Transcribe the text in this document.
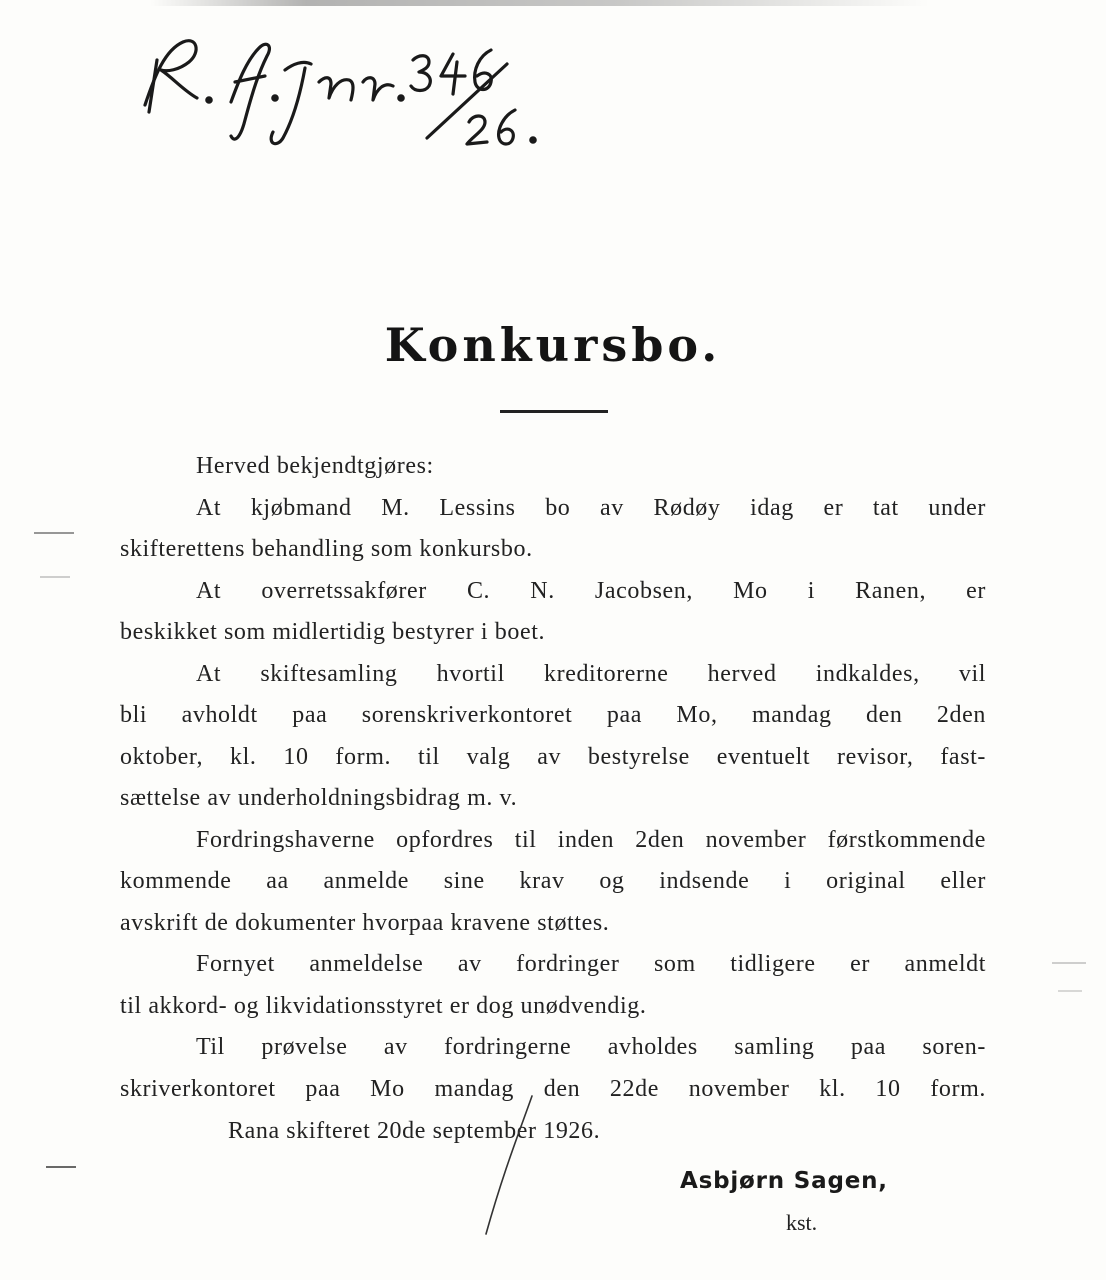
Konkursbo.
Herved bekjendtgjøres:
At kjøbmand M. Lessins bo av Rødøy idag er tat under
skifterettens behandling som konkursbo.
At overretssakfører C. N. Jacobsen, Mo i Ranen, er
beskikket som midlertidig bestyrer i boet.
At skiftesamling hvortil kreditorerne herved indkaldes, vil
bli avholdt paa sorenskriverkontoret paa Mo, mandag den 2den
oktober, kl. 10 form. til valg av bestyrelse eventuelt revisor, fast-
sættelse av underholdningsbidrag m. v.
Fordringshaverne opfordres til inden 2den november førstkommende
kommende aa anmelde sine krav og indsende i original eller
avskrift de dokumenter hvorpaa kravene støttes.
Fornyet anmeldelse av fordringer som tidligere er anmeldt
til akkord- og likvidationsstyret er dog unødvendig.
Til prøvelse av fordringerne avholdes samling paa soren-
skriverkontoret paa Mo mandag den 22de november kl. 10 form.
Rana skifteret 20de september 1926.
Asbjørn Sagen,
kst.
